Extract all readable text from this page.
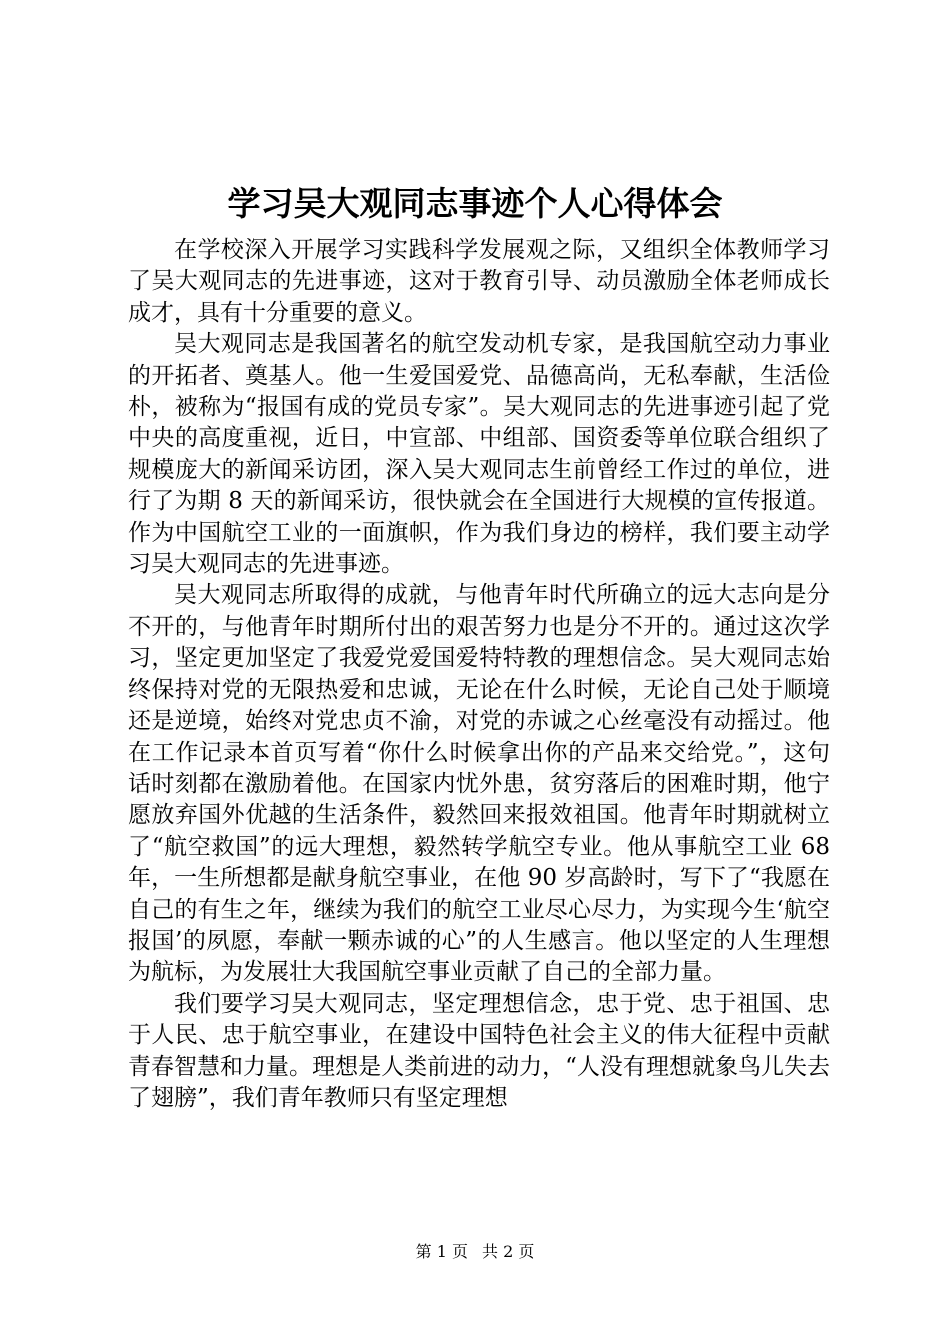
学习吴大观同志事迹个人心得体会

在学校深入开展学习实践科学发展观之际，又组织全体教师学习了吴大观同志的先进事迹，这对于教育引导、动员激励全体老师成长成才，具有十分重要的意义。

吴大观同志是我国著名的航空发动机专家，是我国航空动力事业的开拓者、奠基人。他一生爱国爱党、品德高尚，无私奉献，生活俭朴，被称为“报国有成的党员专家”。吴大观同志的先进事迹引起了党中央的高度重视，近日，中宣部、中组部、国资委等单位联合组织了规模庞大的新闻采访团，深入吴大观同志生前曾经工作过的单位，进行了为期 8 天的新闻采访，很快就会在全国进行大规模的宣传报道。作为中国航空工业的一面旗帜，作为我们身边的榜样，我们要主动学习吴大观同志的先进事迹。

吴大观同志所取得的成就，与他青年时代所确立的远大志向是分不开的，与他青年时期所付出的艰苦努力也是分不开的。通过这次学习，坚定更加坚定了我爱党爱国爱特特教的理想信念。吴大观同志始终保持对党的无限热爱和忠诚，无论在什么时候，无论自己处于顺境还是逆境，始终对党忠贞不渝，对党的赤诚之心丝毫没有动摇过。他在工作记录本首页写着“你什么时候拿出你的产品来交给党。”，这句话时刻都在激励着他。在国家内忧外患，贫穷落后的困难时期，他宁愿放弃国外优越的生活条件，毅然回来报效祖国。他青年时期就树立了“航空救国”的远大理想，毅然转学航空专业。他从事航空工业 68 年，一生所想都是献身航空事业，在他 90 岁高龄时，写下了“我愿在自己的有生之年，继续为我们的航空工业尽心尽力，为实现今生‘航空报国’的夙愿，奉献一颗赤诚的心”的人生感言。他以坚定的人生理想为航标，为发展壮大我国航空事业贡献了自己的全部力量。

我们要学习吴大观同志，坚定理想信念，忠于党、忠于祖国、忠于人民、忠于航空事业，在建设中国特色社会主义的伟大征程中贡献青春智慧和力量。理想是人类前进的动力，“人没有理想就象鸟儿失去了翅膀”，我们青年教师只有坚定理想

第 1 页 共 2 页
